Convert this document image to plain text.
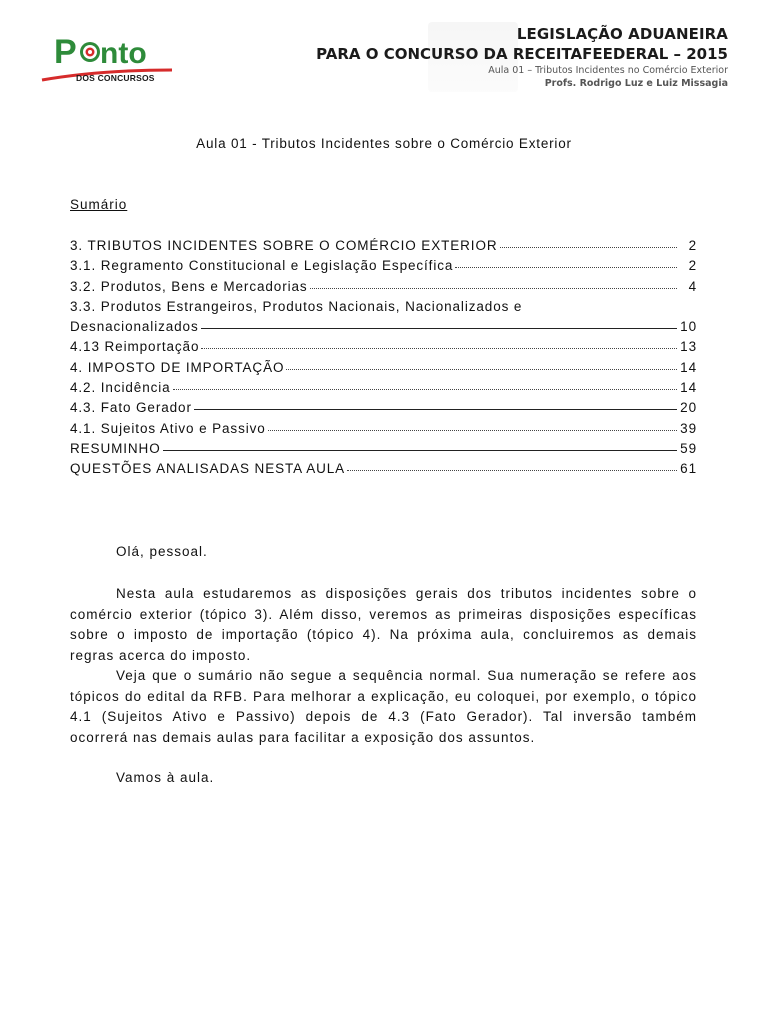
P nto
DOS CONCURSOS
LEGISLAÇÃO ADUANEIRA
PARA O CONCURSO DA RECEITAFEEDERAL – 2015
Aula 01 – Tributos Incidentes no Comércio Exterior
Profs. Rodrigo Luz e Luiz Missagia
Aula 01 - Tributos Incidentes sobre o Comércio Exterior
Sumário
3. TRIBUTOS INCIDENTES SOBRE O COMÉRCIO EXTERIOR	2
3.1. Regramento Constitucional e Legislação Específica	2
3.2. Produtos, Bens e Mercadorias	4
3.3. Produtos Estrangeiros, Produtos Nacionais, Nacionalizados e
Desnacionalizados	10
4.13 Reimportação	13
4. IMPOSTO DE IMPORTAÇÃO	14
4.2. Incidência	14
4.3. Fato Gerador	20
4.1. Sujeitos Ativo e Passivo	39
RESUMINHO	59
QUESTÕES ANALISADAS NESTA AULA	61
Olá, pessoal.
Nesta aula estudaremos as disposições gerais dos tributos incidentes sobre o comércio exterior (tópico 3). Além disso, veremos as primeiras disposições específicas sobre o imposto de importação (tópico 4). Na próxima aula, concluiremos as demais regras acerca do imposto.
Veja que o sumário não segue a sequência normal. Sua numeração se refere aos tópicos do edital da RFB. Para melhorar a explicação, eu coloquei, por exemplo, o tópico 4.1 (Sujeitos Ativo e Passivo) depois de 4.3 (Fato Gerador). Tal inversão também ocorrerá nas demais aulas para facilitar a exposição dos assuntos.
Vamos à aula.
